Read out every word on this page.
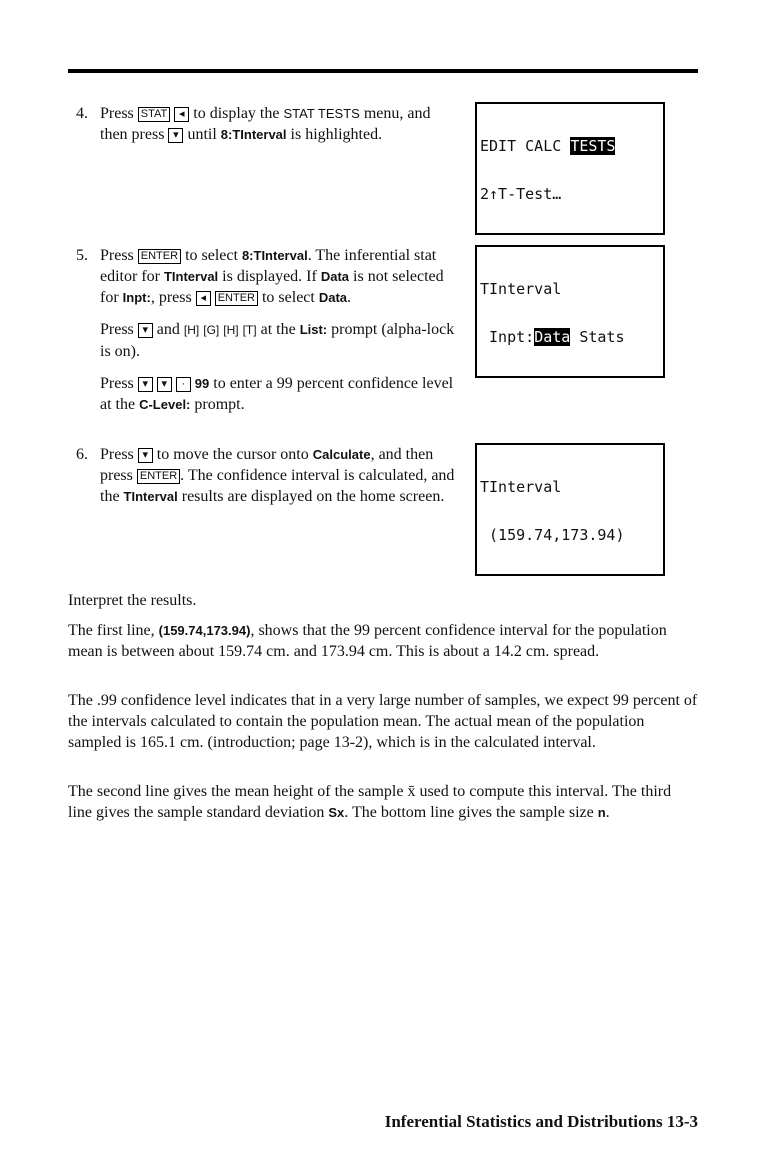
4. Press STAT ◂ to display the STAT TESTS menu, and then press ▾ until 8:TInterval is highlighted.

5. Press ENTER to select 8:TInterval. The inferential stat editor for TInterval is displayed. If Data is not selected for Inpt:, press ◂ ENTER to select Data.

Press ▾ and [H] [G] [H] [T] at the List: prompt (alpha-lock is on).

Press ▾ ▾ · 99 to enter a 99 percent confidence level at the C-Level: prompt.

6. Press ▾ to move the cursor onto Calculate, and then press ENTER . The confidence interval is calculated, and the TInterval results are displayed on the home screen.

EDIT CALC TESTS

2↑T-Test…

TInterval

Inpt:Data Stats

TInterval

(159.74,173.94)

Interpret the results.

The first line, (159.74,173.94), shows that the 99 percent confidence interval for the population mean is between about 159.74 cm. and 173.94 cm. This is about a 14.2 cm. spread.

The .99 confidence level indicates that in a very large number of samples, we expect 99 percent of the intervals calculated to contain the population mean. The actual mean of the population sampled is 165.1 cm. (introduction; page 13-2), which is in the calculated interval.

The second line gives the mean height of the sample x̄ used to compute this interval. The third line gives the sample standard deviation Sx. The bottom line gives the sample size n.

Inferential Statistics and Distributions 13-3
